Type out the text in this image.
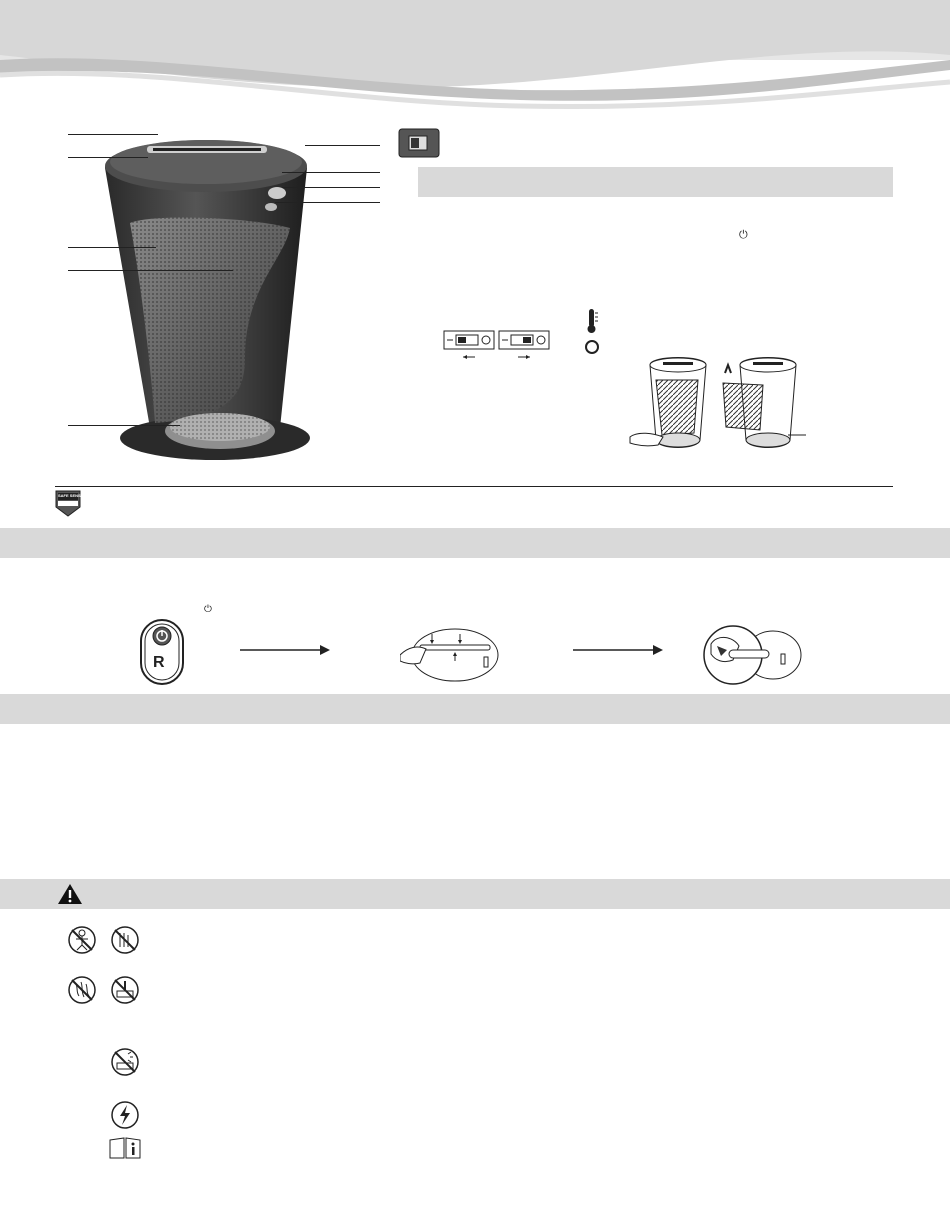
⏻
SAFE SENSE
⏻
R
